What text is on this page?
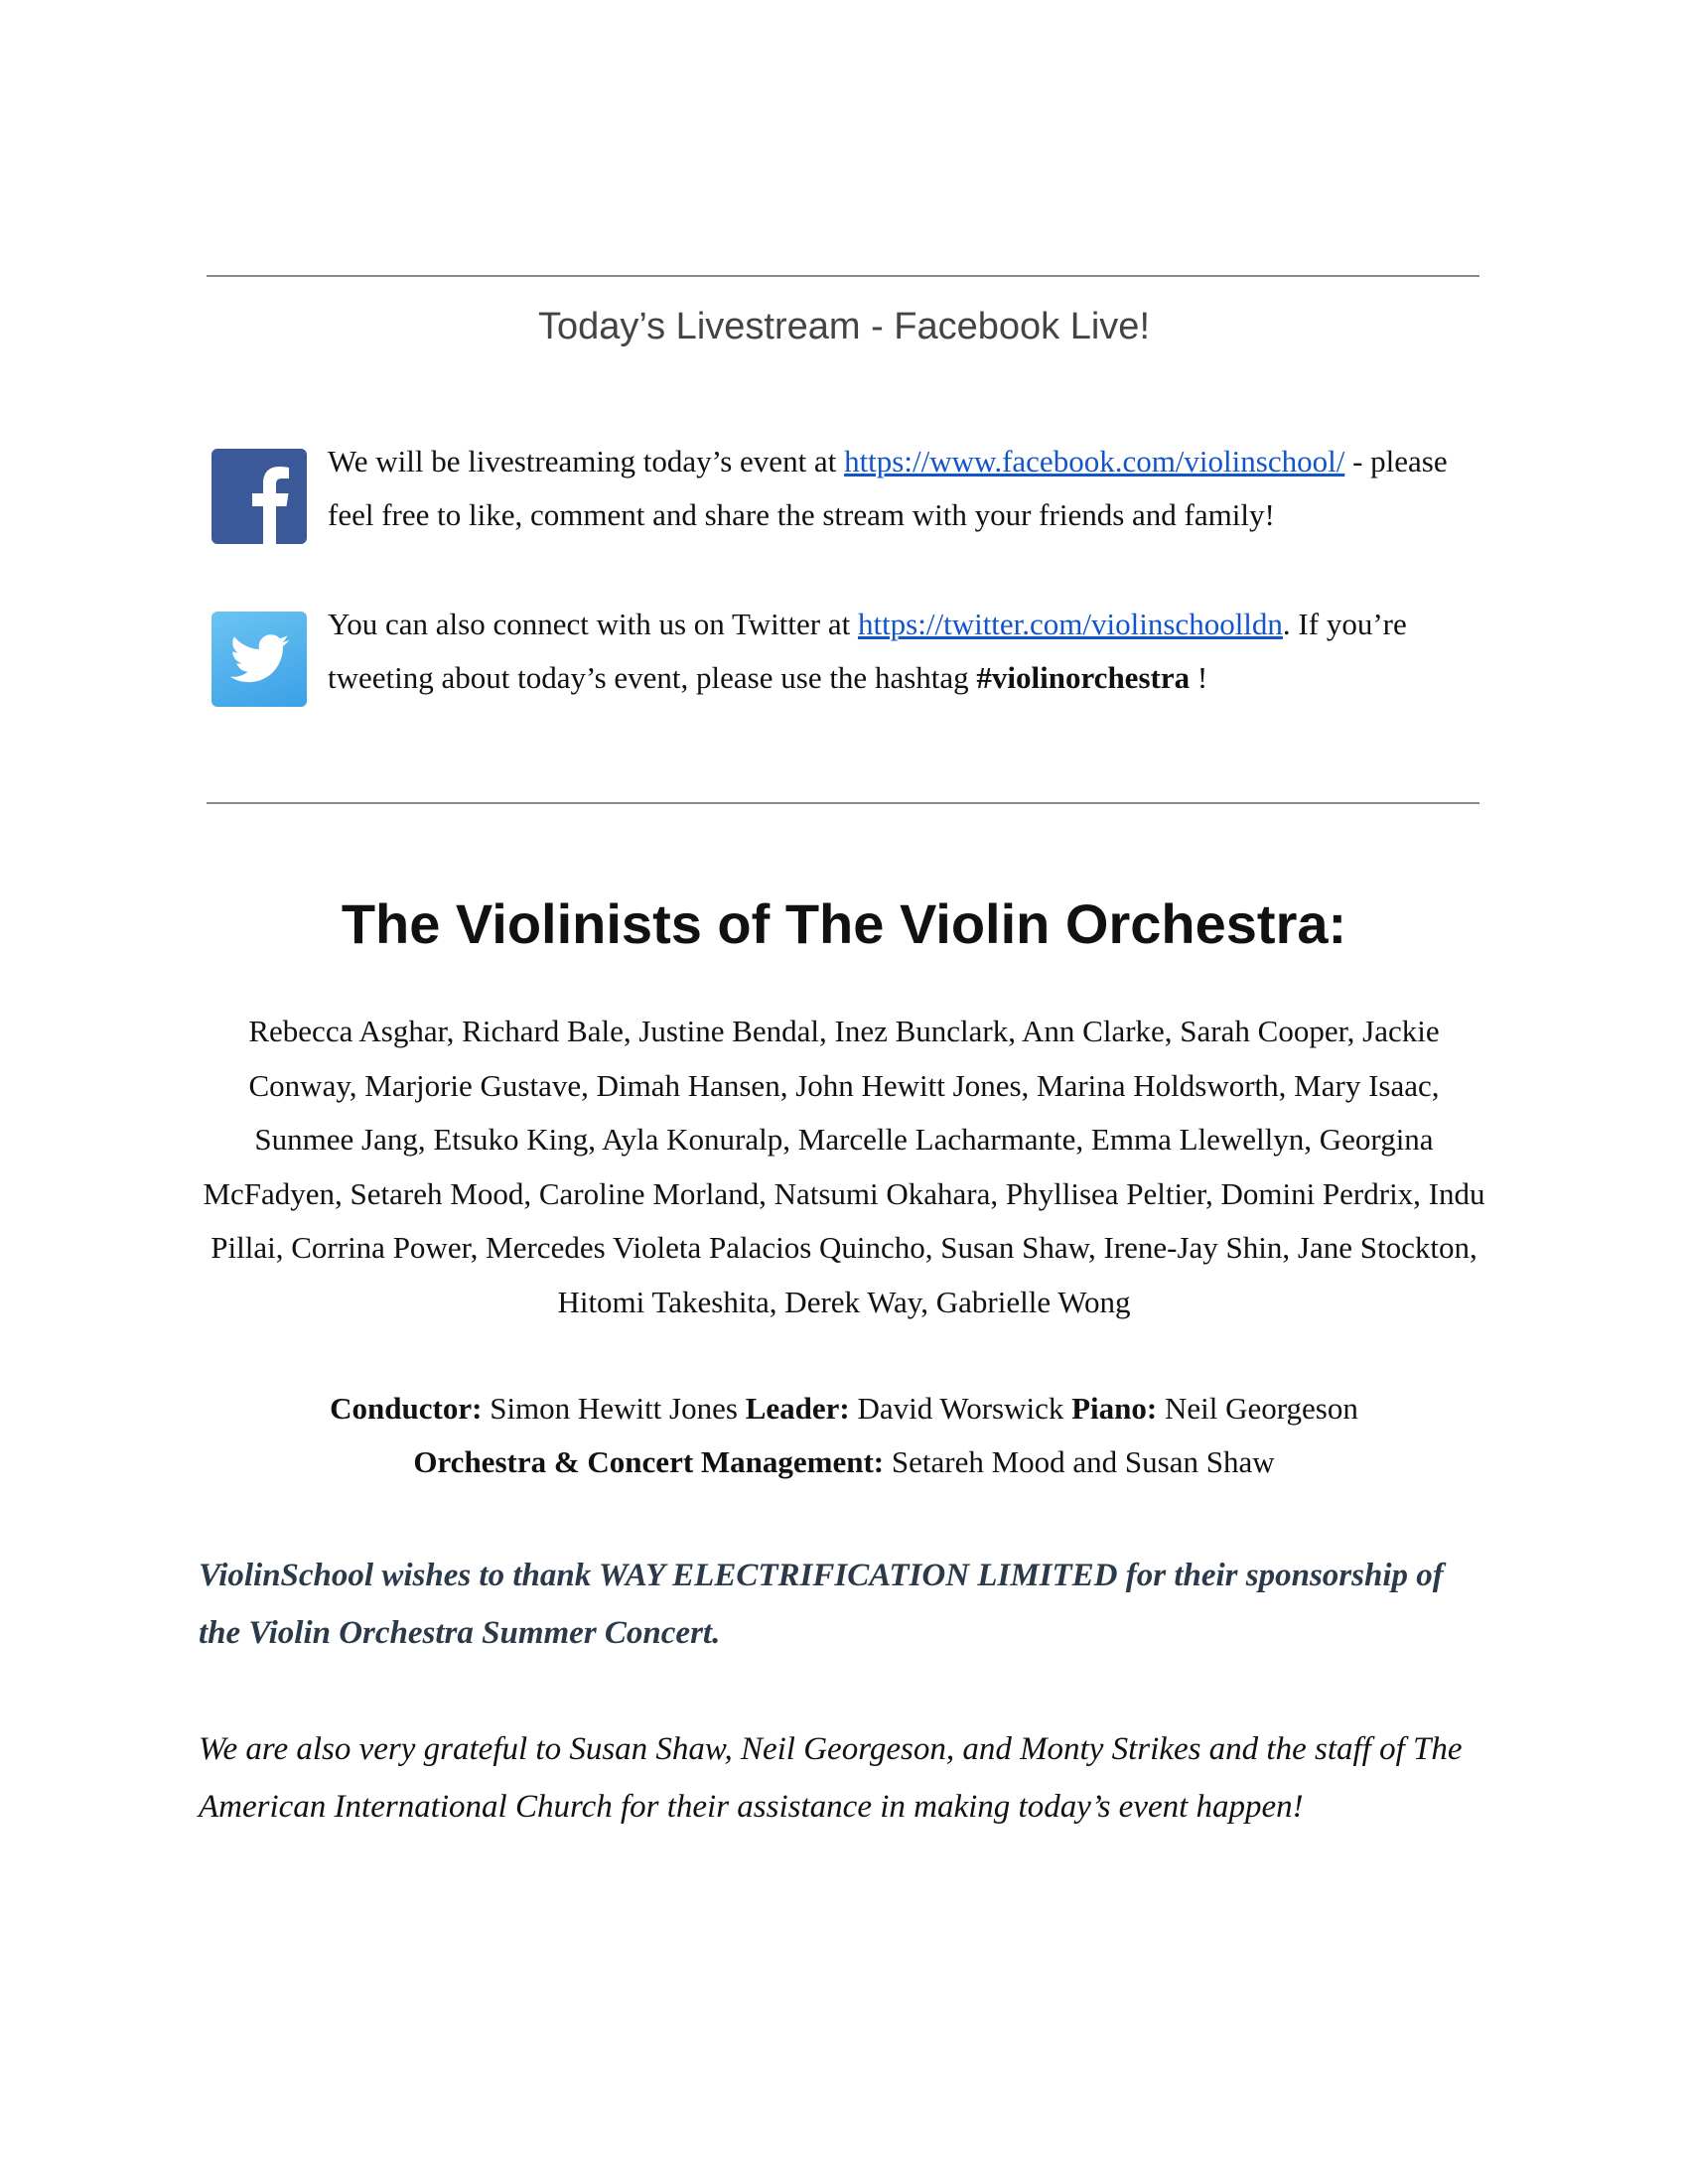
Today’s Livestream - Facebook Live!
We will be livestreaming today’s event at https://www.facebook.com/violinschool/ - please feel free to like, comment and share the stream with your friends and family!
You can also connect with us on Twitter at https://twitter.com/violinschoolldn. If you’re tweeting about today’s event, please use the hashtag #violinorchestra !
The Violinists of The Violin Orchestra:

Rebecca Asghar, Richard Bale, Justine Bendal, Inez Bunclark, Ann Clarke, Sarah Cooper, Jackie Conway, Marjorie Gustave, Dimah Hansen, John Hewitt Jones, Marina Holdsworth, Mary Isaac, Sunmee Jang, Etsuko King, Ayla Konuralp, Marcelle Lacharmante, Emma Llewellyn, Georgina McFadyen, Setareh Mood, Caroline Morland, Natsumi Okahara, Phyllisea Peltier, Domini Perdrix, Indu Pillai, Corrina Power, Mercedes Violeta Palacios Quincho, Susan Shaw, Irene-Jay Shin, Jane Stockton, Hitomi Takeshita, Derek Way, Gabrielle Wong

Conductor: Simon Hewitt Jones Leader: David Worswick Piano: Neil Georgeson
Orchestra & Concert Management: Setareh Mood and Susan Shaw

ViolinSchool wishes to thank WAY ELECTRIFICATION LIMITED for their sponsorship of the Violin Orchestra Summer Concert.

We are also very grateful to Susan Shaw, Neil Georgeson, and Monty Strikes and the staff of The American International Church for their assistance in making today’s event happen!
